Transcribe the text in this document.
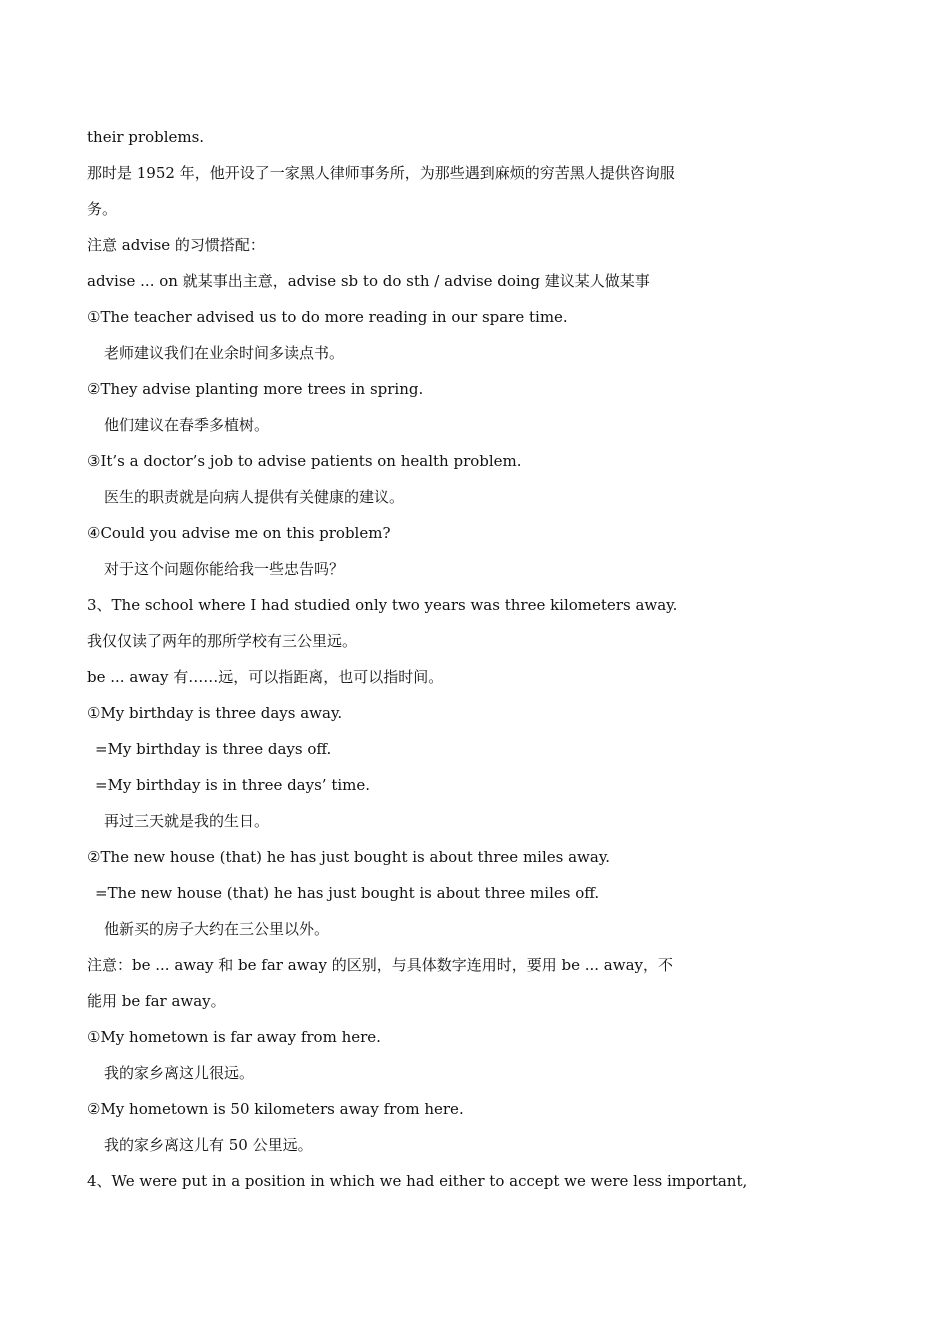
their problems.
那时是 1952 年，他开设了一家黑人律师事务所，为那些遇到麻烦的穷苦黑人提供咨询服
务。
注意 advise 的习惯搭配：
advise ... on 就某事出主意，advise sb to do sth / advise doing 建议某人做某事
①The teacher advised us to do more reading in our spare time.
老师建议我们在业余时间多读点书。
②They advise planting more trees in spring.
他们建议在春季多植树。
③It’s a doctor’s job to advise patients on health problem.
医生的职责就是向病人提供有关健康的建议。
④Could you advise me on this problem?
对于这个问题你能给我一些忠告吗？
3、The school where I had studied only two years was three kilometers away.
我仅仅读了两年的那所学校有三公里远。
be ... away 有……远，可以指距离，也可以指时间。
①My birthday is three days away.
=My birthday is three days off.
=My birthday is in three days’ time.
再过三天就是我的生日。
②The new house (that) he has just bought is about three miles away.
=The new house (that) he has just bought is about three miles off.
他新买的房子大约在三公里以外。
注意：be ... away 和 be far away 的区别，与具体数字连用时，要用 be ... away，不
能用 be far away。
①My hometown is far away from here.
我的家乡离这儿很远。
②My hometown is 50 kilometers away from here.
我的家乡离这儿有 50 公里远。
4、We were put in a position in which we had either to accept we were less important,
